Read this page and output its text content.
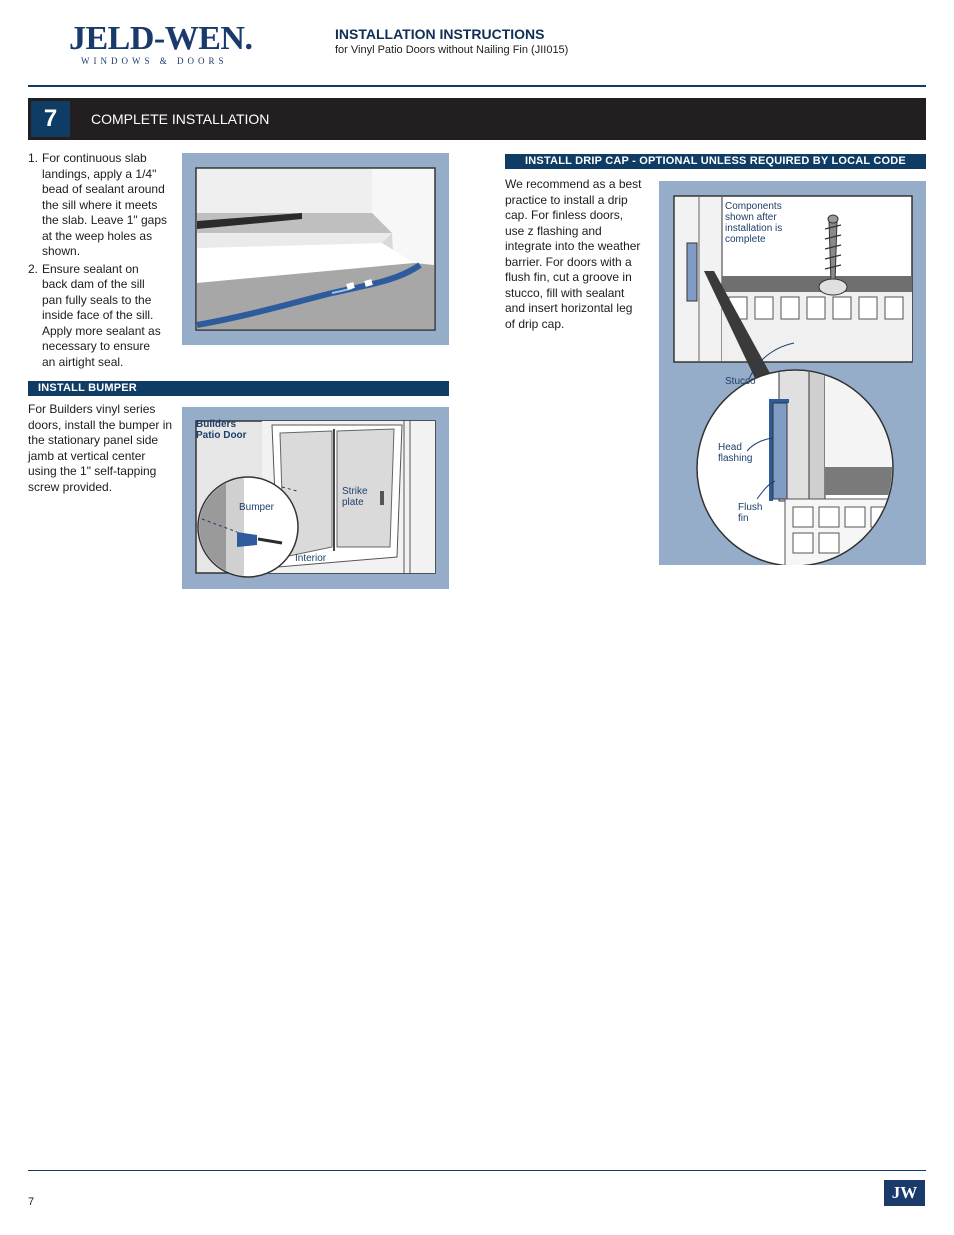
JELD-WEN.
WINDOWS & DOORS
INSTALLATION INSTRUCTIONS
for Vinyl Patio Doors without Nailing Fin (JII015)
7	COMPLETE INSTALLATION
1. For continuous slab landings, apply a 1/4" bead of sealant around the sill where it meets the slab. Leave 1" gaps at the weep holes as shown.
2. Ensure sealant on back dam of the sill pan fully seals to the inside face of the sill. Apply more sealant as necessary to ensure an airtight seal.
INSTALL BUMPER
For Builders vinyl series doors, install the bumper in the stationary panel side jamb at vertical center using the 1" self-tapping screw provided.
Builders Patio Door
Bumper
Strike plate
Interior
INSTALL DRIP CAP - OPTIONAL UNLESS REQUIRED BY LOCAL CODE
We recommend as a best practice to install a drip cap. For finless doors, use z flashing and integrate into the weather barrier. For doors with a flush fin, cut a groove in stucco, fill with sealant and insert horizontal leg of drip cap.
Components shown after installation is complete
Stucco
Head flashing
Flush fin
7	JW
